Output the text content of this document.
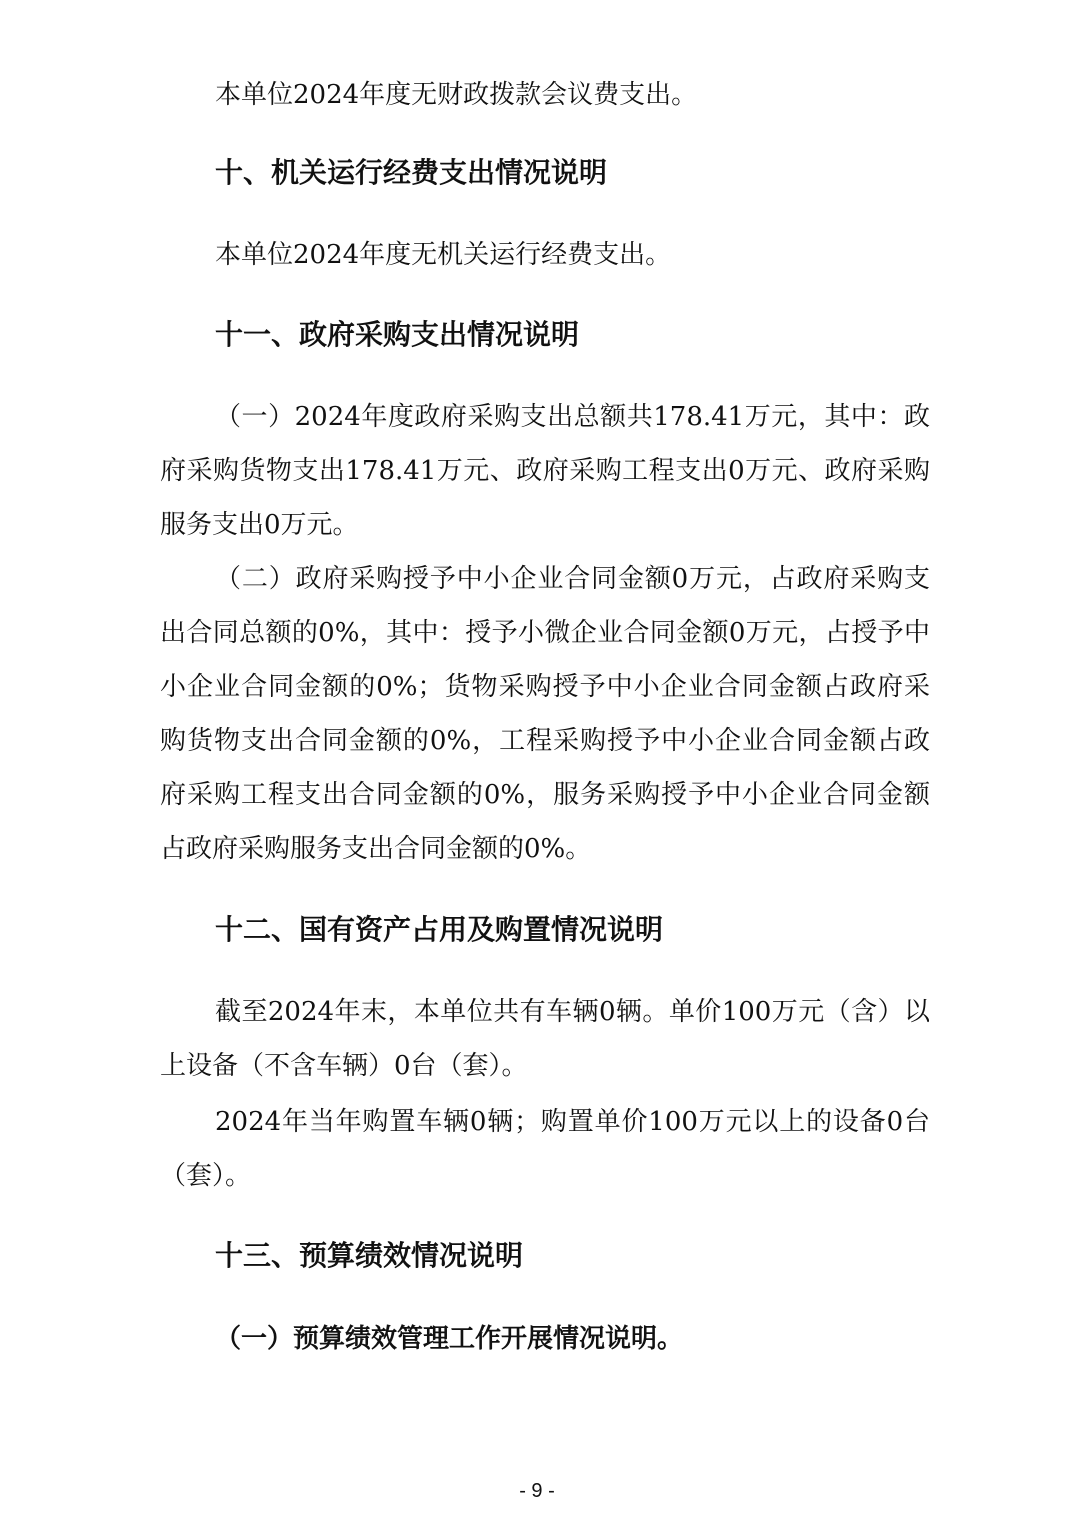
本单位2024年度无财政拨款会议费支出。
十、机关运行经费支出情况说明
本单位2024年度无机关运行经费支出。
十一、政府采购支出情况说明
（一）2024年度政府采购支出总额共178.41万元，其中：政
府采购货物支出178.41万元、政府采购工程支出0万元、政府采购
服务支出0万元。
（二）政府采购授予中小企业合同金额0万元，占政府采购支
出合同总额的0%，其中：授予小微企业合同金额0万元，占授予中
小企业合同金额的0%；货物采购授予中小企业合同金额占政府采
购货物支出合同金额的0%，工程采购授予中小企业合同金额占政
府采购工程支出合同金额的0%，服务采购授予中小企业合同金额
占政府采购服务支出合同金额的0%。
十二、国有资产占用及购置情况说明
截至2024年末，本单位共有车辆0辆。单价100万元（含）以
上设备（不含车辆）0台（套）。
2024年当年购置车辆0辆；购置单价100万元以上的设备0台
（套）。
十三、预算绩效情况说明
（一）预算绩效管理工作开展情况说明。
- 9 -
